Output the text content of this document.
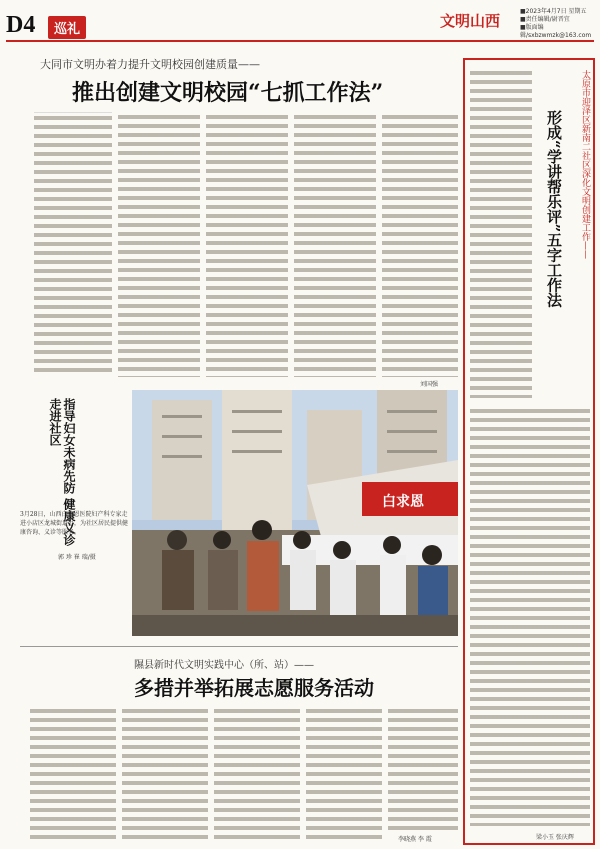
D4	巡礼	文明山西
■2023年4月7日 星期五
■责任编辑/尉晋宜
■版面编辑/sxbzwmzk@163.com
大同市文明办着力提升文明校园创建质量——
推出创建文明校园“七抓工作法”
刘国强
指导妇女未病先防 健康义诊走进社区
3月28日，山西白求恩医院妇产科专家走进小店区龙城街道办，为社区居民提供健康咨询、义诊等服务。
郭 珍 崔 瑞/摄
白求恩
隰县新时代文明实践中心（所、站）——
多措并举拓展志愿服务活动
李晓燕 李 霞
太原市迎泽区新南二社区深化文明创建工作——
形成“学讲帮乐评”五字工作法
梁小玉 张庆辉
